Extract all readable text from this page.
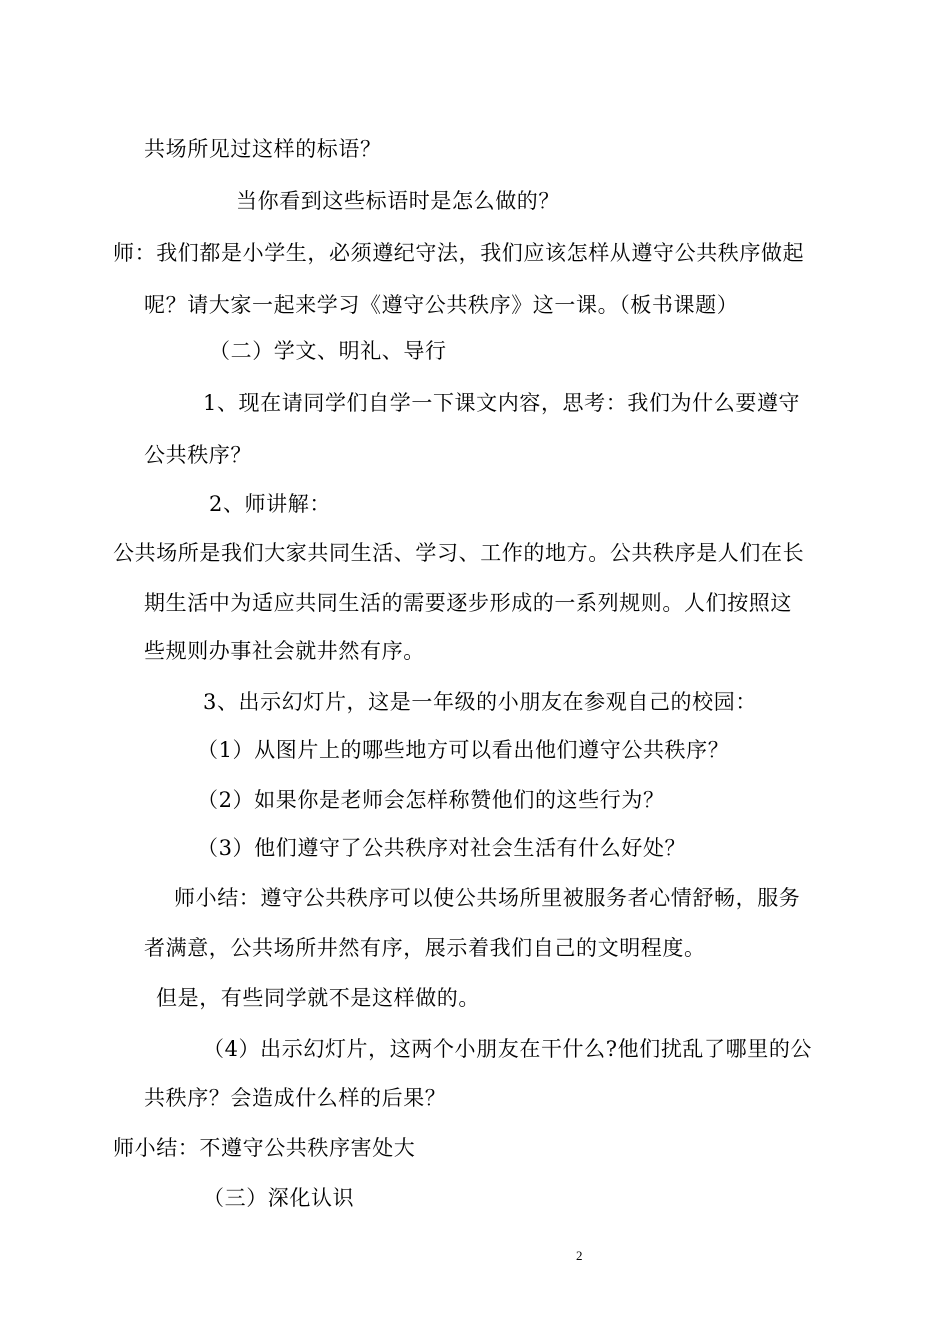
共场所见过这样的标语？
当你看到这些标语时是怎么做的？
师：我们都是小学生，必须遵纪守法，我们应该怎样从遵守公共秩序做起
呢？请大家一起来学习《遵守公共秩序》这一课。（板书课题）
（二）学文、明礼、导行
1、现在请同学们自学一下课文内容，思考：我们为什么要遵守
公共秩序？
2、师讲解：
公共场所是我们大家共同生活、学习、工作的地方。公共秩序是人们在长
期生活中为适应共同生活的需要逐步形成的一系列规则。人们按照这
些规则办事社会就井然有序。
3、出示幻灯片，这是一年级的小朋友在参观自己的校园：
（1）从图片上的哪些地方可以看出他们遵守公共秩序？
（2）如果你是老师会怎样称赞他们的这些行为？
（3）他们遵守了公共秩序对社会生活有什么好处？
师小结：遵守公共秩序可以使公共场所里被服务者心情舒畅，服务
者满意，公共场所井然有序，展示着我们自己的文明程度。
但是，有些同学就不是这样做的。
（4）出示幻灯片，这两个小朋友在干什么?他们扰乱了哪里的公
共秩序？会造成什么样的后果？
师小结：不遵守公共秩序害处大
（三）深化认识
2
